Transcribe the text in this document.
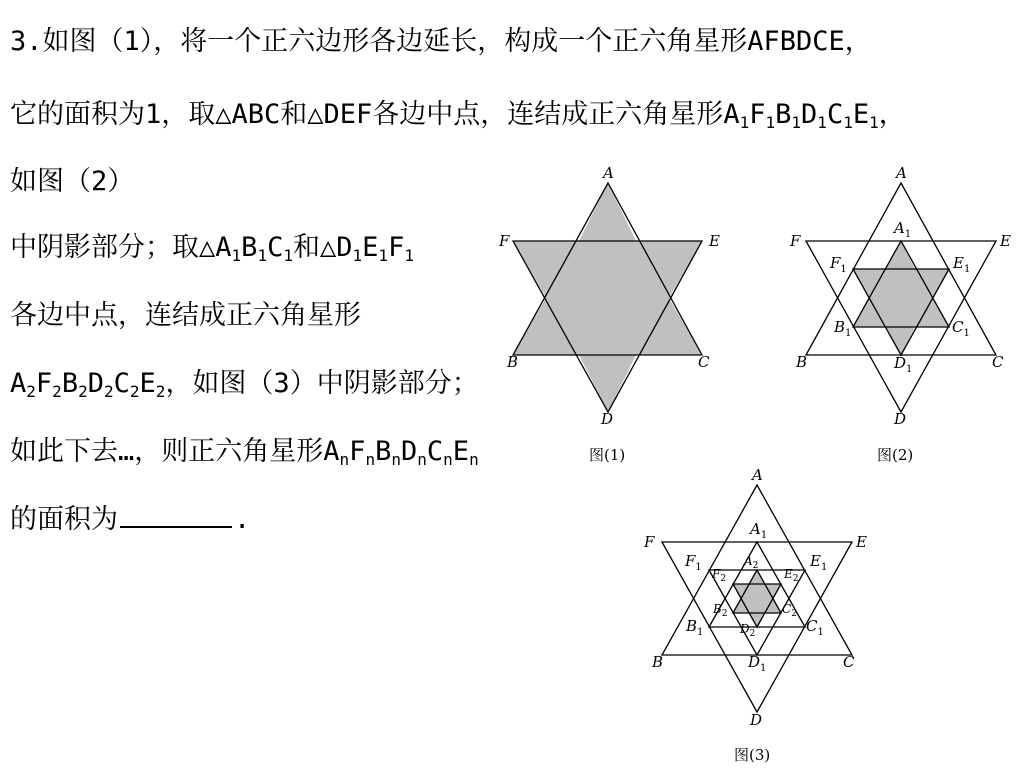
3.如图（1），将一个正六边形各边延长，构成一个正六角星形AFBDCE，
它的面积为1，取△ABC和△DEF各边中点，连结成正六角星形$A_1F_1B_1D_1C_1E_1$，
如图（2）
中阴影部分；取$\triangle A_1B_1C_1$和$\triangle D_1E_1F_1$
各边中点，连结成正六角星形
$A_2F_2B_2D_2C_2E_2$，如图（3）中阴影部分；
如此下去…，则正六角星形$A_nF_nB_nD_nC_nE_n$
的面积为	.
A
F	E
B	C
D
图(1)
A
F	E
B	C
D
$A_1$
$F_1$	$E_1$
$B_1$	$C_1$
$D_1$
图(2)
A
F	E
B	C
D
$A_1$
$F_1$	$E_1$
$B_1$	$C_1$
$D_1$
$A_2$
$F_2$	$E_2$
$B_2$	$C_2$
$D_2$
图(3)
